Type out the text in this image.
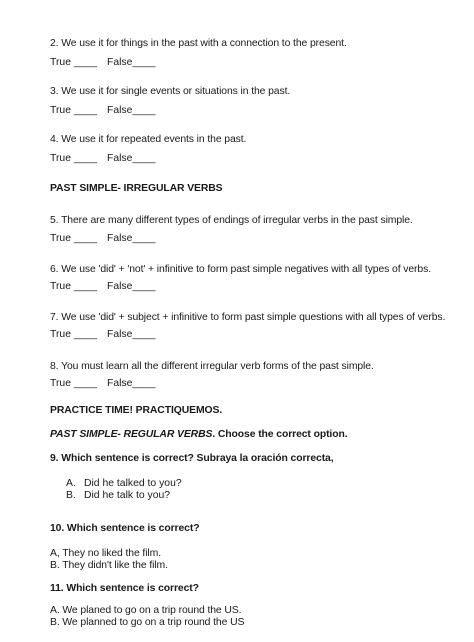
2. We use it for things in the past with a connection to the present.
True ____ False____
3. We use it for single events or situations in the past.
True ____ False____
4. We use it for repeated events in the past.
True ____ False____
PAST SIMPLE- IRREGULAR VERBS
5. There are many different types of endings of irregular verbs in the past simple.
True ____ False____
6. We use 'did' + 'not' + infinitive to form past simple negatives with all types of verbs.
True ____ False____
7. We use 'did' + subject + infinitive to form past simple questions with all types of verbs.
True ____ False____
8. You must learn all the different irregular verb forms of the past simple.
True ____ False____
PRACTICE TIME! PRACTIQUEMOS.
PAST SIMPLE- REGULAR VERBS. Choose the correct option.
9. Which sentence is correct? Subraya la oración correcta,
A. Did he talked to you?
B. Did he talk to you?
10. Which sentence is correct?
A, They no liked the film.
B. They didn't like the film.
11. Which sentence is correct?
A. We planed to go on a trip round the US.
B. We planned to go on a trip round the US
